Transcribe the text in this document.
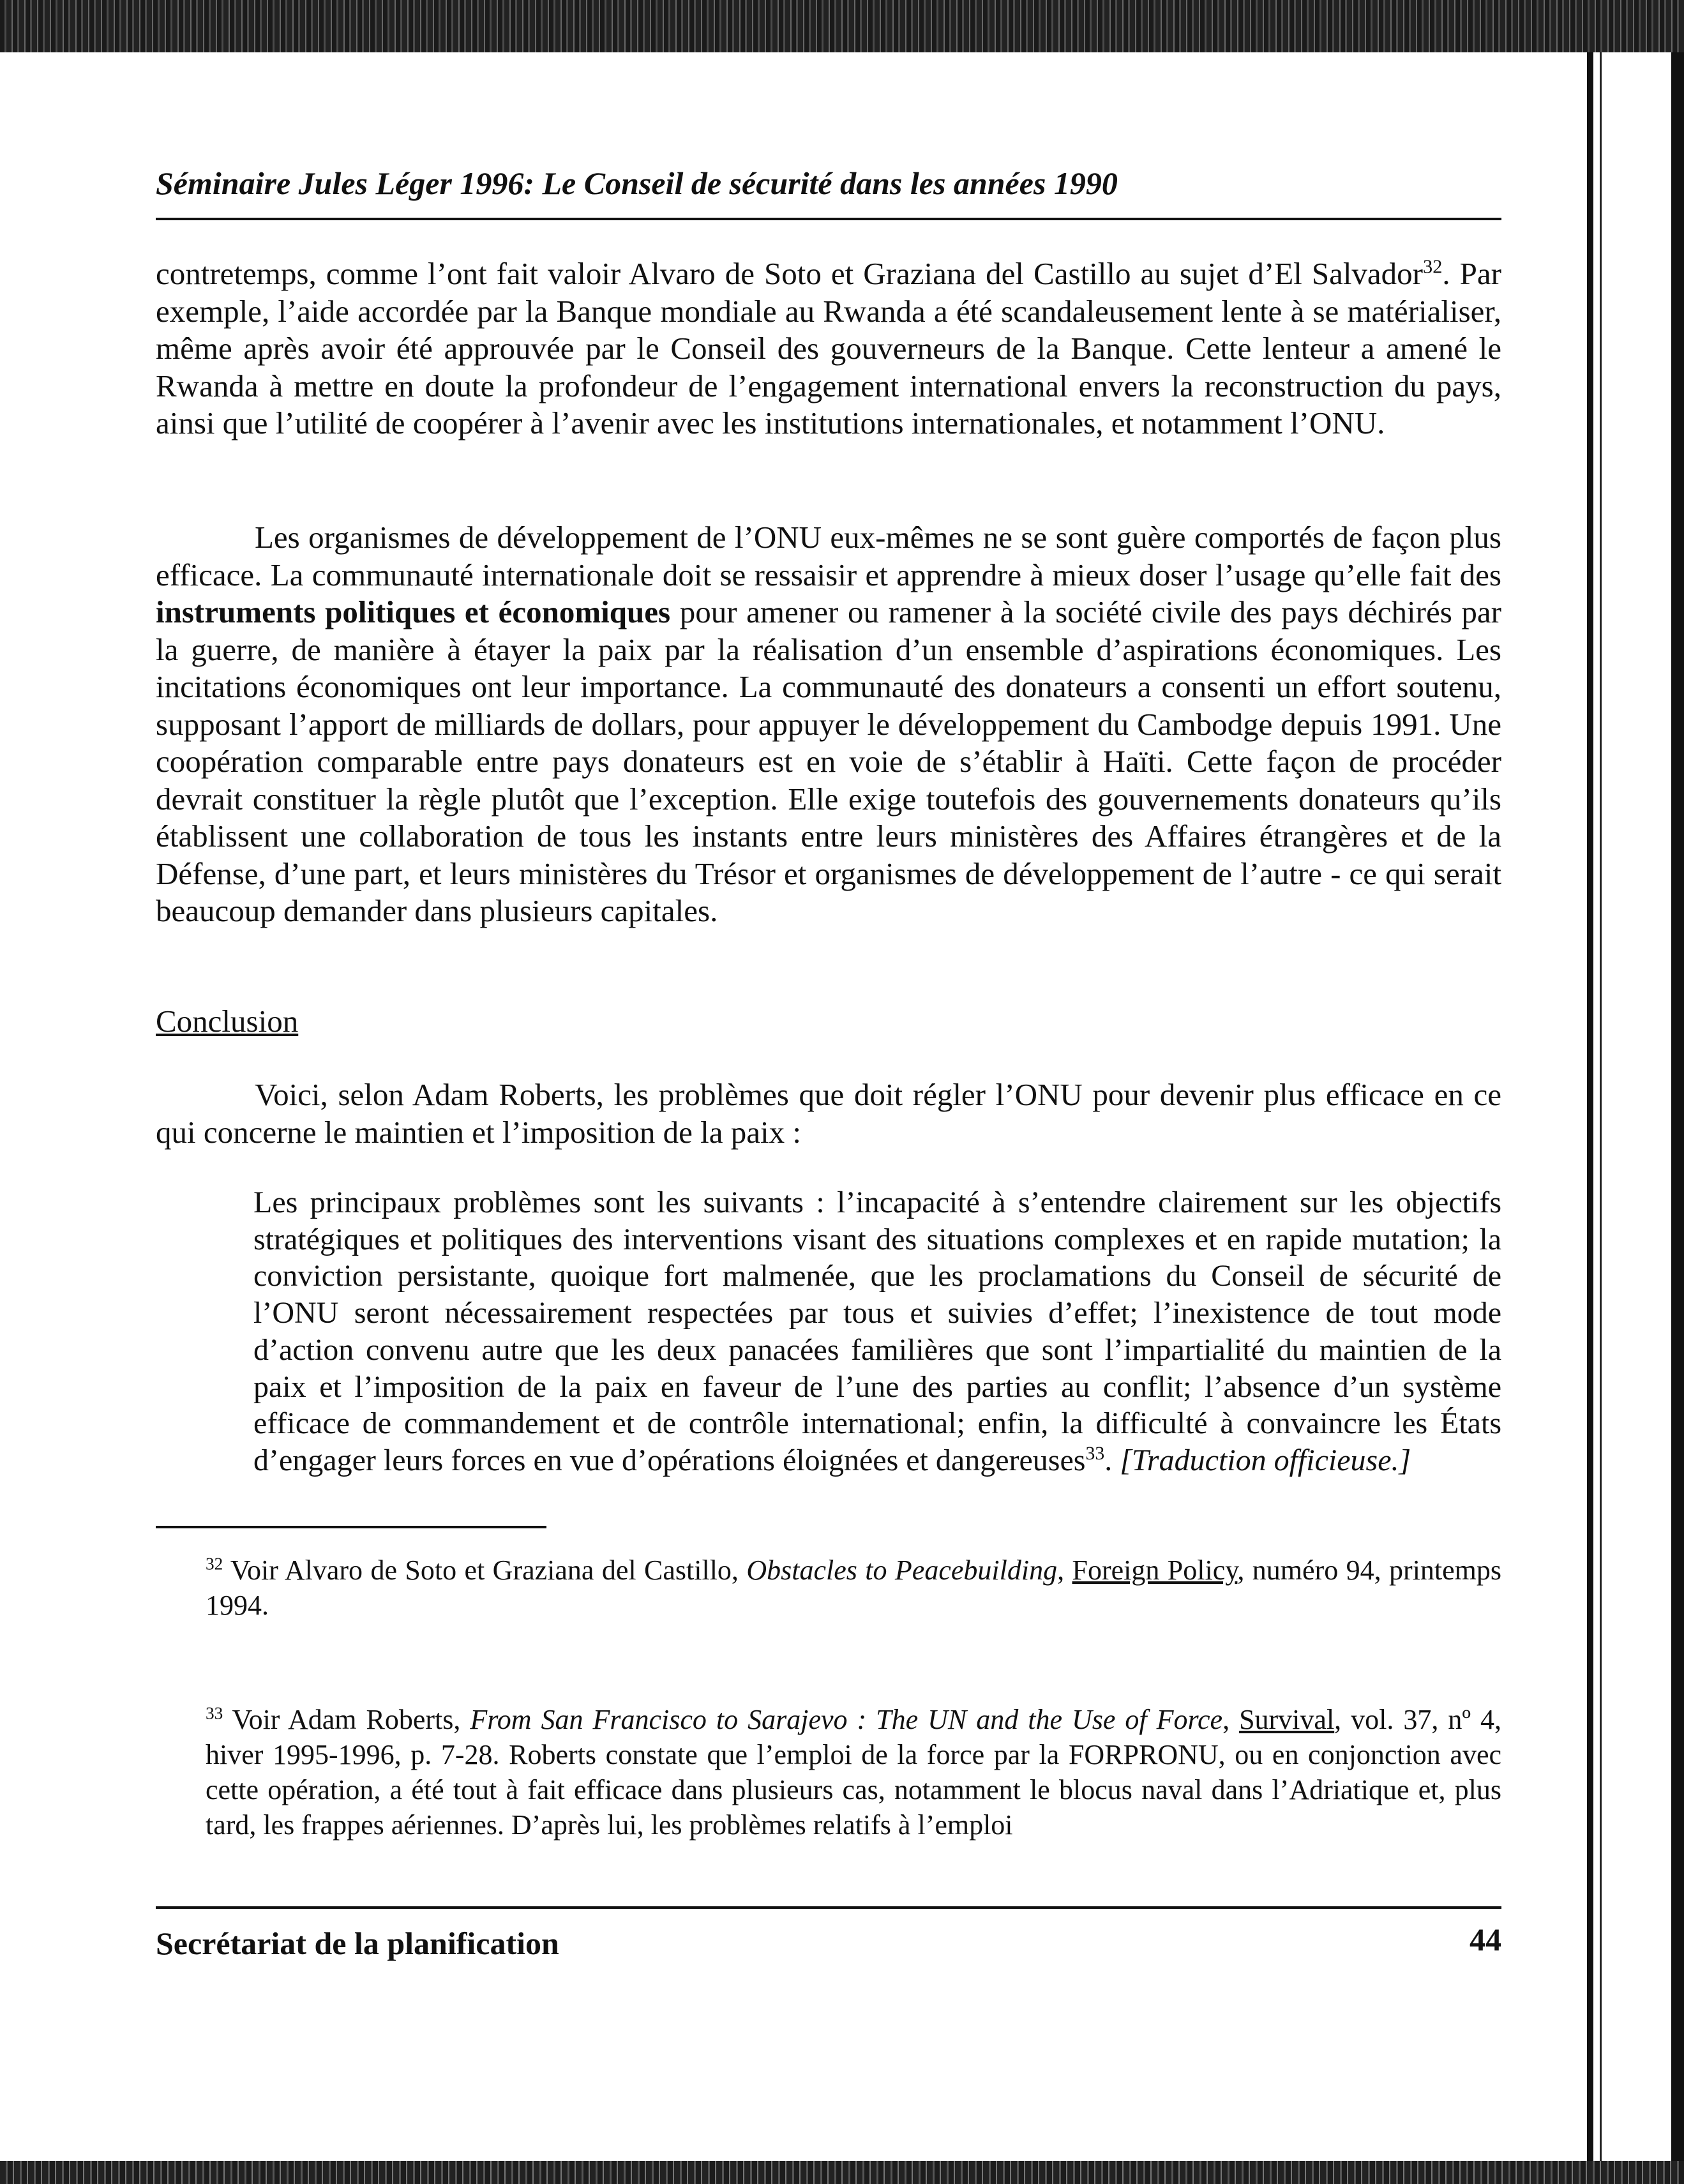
Séminaire Jules Léger 1996: Le Conseil de sécurité dans les années 1990
contretemps, comme l’ont fait valoir Alvaro de Soto et Graziana del Castillo au sujet d’El Salvador$^{32}$. Par exemple, l’aide accordée par la Banque mondiale au Rwanda a été scandaleusement lente à se matérialiser, même après avoir été approuvée par le Conseil des gouverneurs de la Banque. Cette lenteur a amené le Rwanda à mettre en doute la profondeur de l’engagement international envers la reconstruction du pays, ainsi que l’utilité de coopérer à l’avenir avec les institutions internationales, et notamment l’ONU.
Les organismes de développement de l’ONU eux-mêmes ne se sont guère comportés de façon plus efficace. La communauté internationale doit se ressaisir et apprendre à mieux doser l’usage qu’elle fait des instruments politiques et économiques pour amener ou ramener à la société civile des pays déchirés par la guerre, de manière à étayer la paix par la réalisation d’un ensemble d’aspirations économiques. Les incitations économiques ont leur importance. La communauté des donateurs a consenti un effort soutenu, supposant l’apport de milliards de dollars, pour appuyer le développement du Cambodge depuis 1991. Une coopération comparable entre pays donateurs est en voie de s’établir à Haïti. Cette façon de procéder devrait constituer la règle plutôt que l’exception. Elle exige toutefois des gouvernements donateurs qu’ils établissent une collaboration de tous les instants entre leurs ministères des Affaires étrangères et de la Défense, d’une part, et leurs ministères du Trésor et organismes de développement de l’autre - ce qui serait beaucoup demander dans plusieurs capitales.
Conclusion
Voici, selon Adam Roberts, les problèmes que doit régler l’ONU pour devenir plus efficace en ce qui concerne le maintien et l’imposition de la paix :
Les principaux problèmes sont les suivants : l’incapacité à s’entendre clairement sur les objectifs stratégiques et politiques des interventions visant des situations complexes et en rapide mutation; la conviction persistante, quoique fort malmenée, que les proclamations du Conseil de sécurité de l’ONU seront nécessairement respectées par tous et suivies d’effet; l’inexistence de tout mode d’action convenu autre que les deux panacées familières que sont l’impartialité du maintien de la paix et l’imposition de la paix en faveur de l’une des parties au conflit; l’absence d’un système efficace de commandement et de contrôle international; enfin, la difficulté à convaincre les États d’engager leurs forces en vue d’opérations éloignées et dangereuses$^{33}$. [Traduction officieuse.]
$^{32}$ Voir Alvaro de Soto et Graziana del Castillo, Obstacles to Peacebuilding, Foreign Policy, numéro 94, printemps 1994.
$^{33}$ Voir Adam Roberts, From San Francisco to Sarajevo : The UN and the Use of Force, Survival, vol. 37, nº 4, hiver 1995-1996, p. 7-28. Roberts constate que l’emploi de la force par la FORPRONU, ou en conjonction avec cette opération, a été tout à fait efficace dans plusieurs cas, notamment le blocus naval dans l’Adriatique et, plus tard, les frappes aériennes. D’après lui, les problèmes relatifs à l’emploi
Secrétariat de la planification	44
